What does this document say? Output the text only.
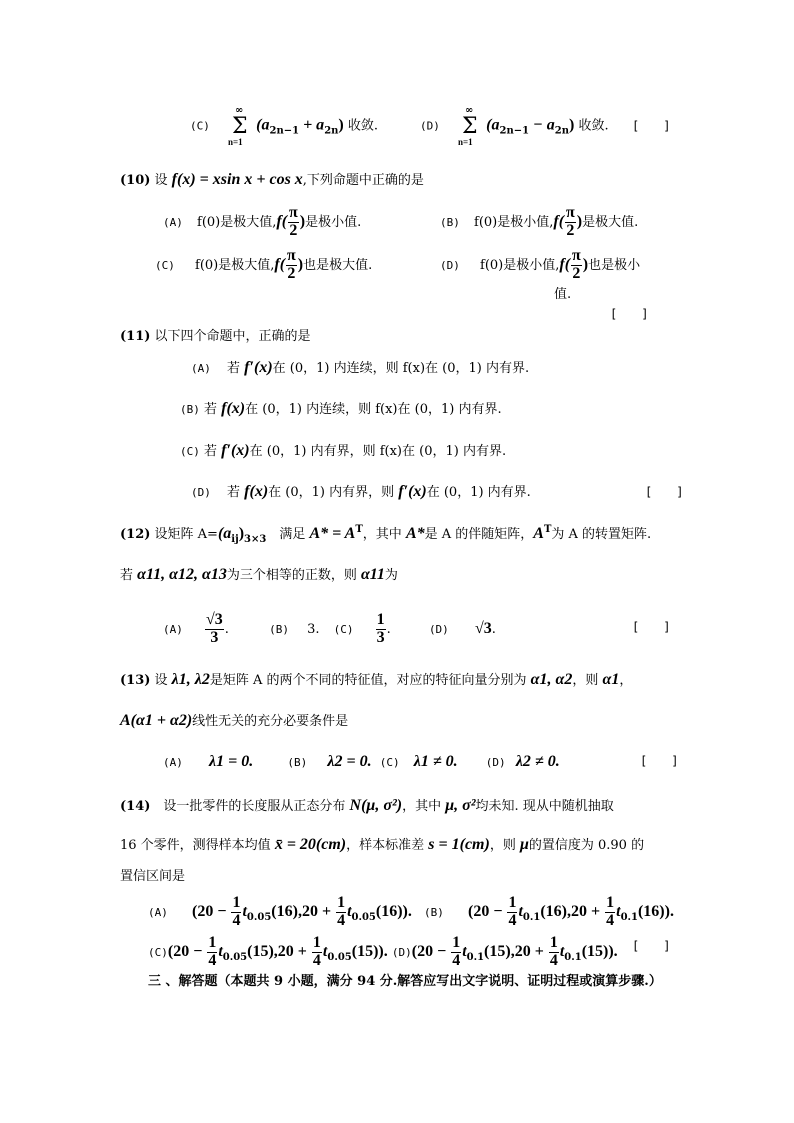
(C)
∞
Σ
n=1
$(a_{2n-1} + a_{2n})$ 收敛.	(D)
∞
Σ
n=1
$(a_{2n-1} - a_{2n})$ 收敛. [　　]
(10) 设 f(x) = xsin x + cos x,下列命题中正确的是
(A) f(0)是极大值$,f( \frac{\pi}{2}$ )是极小值.	(B) f(0)是极小值$,f( \frac{\pi}{2}$ )是极大值.
(C) f(0)是极大值$,f( \frac{\pi}{2}$ )也是极大值.	(D) f(0)是极小值$,f( \frac{\pi}{2}$ )也是极小
值.
[　　]
(11) 以下四个命题中，正确的是
(A) 若 f′(x)在 (0，1) 内连续，则 f(x)在 (0，1) 内有界.
(B) 若 f(x)在 (0，1) 内连续，则 f(x)在 (0，1) 内有界.
(C) 若 f′(x)在 (0，1) 内有界，则 f(x)在 (0，1) 内有界.
(D) 若 f(x)在 (0，1) 内有界，则 f′(x)在 (0，1) 内有界.	[　　]
(12) 设矩阵 $A=(a_{ij})_{3\times 3}$　满足 $A* = A^T$，其中 A*是 A 的伴随矩阵，$A^T$为 A 的转置矩阵.
若 α11, α12, α13为三个相等的正数，则 α11为
$(A) \frac{√3}{3}$ .	(B) 3. $(C) \frac{1}{3}$ .	(D) √3.	[　　]
(13) 设 λ1, λ2是矩阵 A 的两个不同的特征值，对应的特征向量分别为 α1, α2，则 α1，
A(α1 + α2)线性无关的充分必要条件是
(A) λ1 = 0.	(B) λ2 = 0. (C) λ1 ≠ 0.	(D) λ2 ≠ 0.	[　　]
(14)　设一批零件的长度服从正态分布 N(μ, σ²)，其中 μ, σ²均未知. 现从中随机抽取
16 个零件，测得样本均值 x̄ = 20(cm)，样本标准差 s = 1(cm)，则 μ的置信度为 0.90 的
置信区间是
(A) $(20 - \frac{1}{4} t_{0.05}(16),20 + \frac{1}{4} t_{0.05}(16))$. (B) $(20 - \frac{1}{4} t_{0.1}(16),20 + \frac{1}{4} t_{0.1}(16))$.
$(C)(20 - \frac{1}{4} t_{0.05}(15),20 + \frac{1}{4} t_{0.05}(15))$. $(D)(20 - \frac{1}{4} t_{0.1}(15),20 + \frac{1}{4} t_{0.1}(15))$. [　　]
三 、解答题（本题共 9 小题，满分 94 分.解答应写出文字说明、证明过程或演算步骤.）
